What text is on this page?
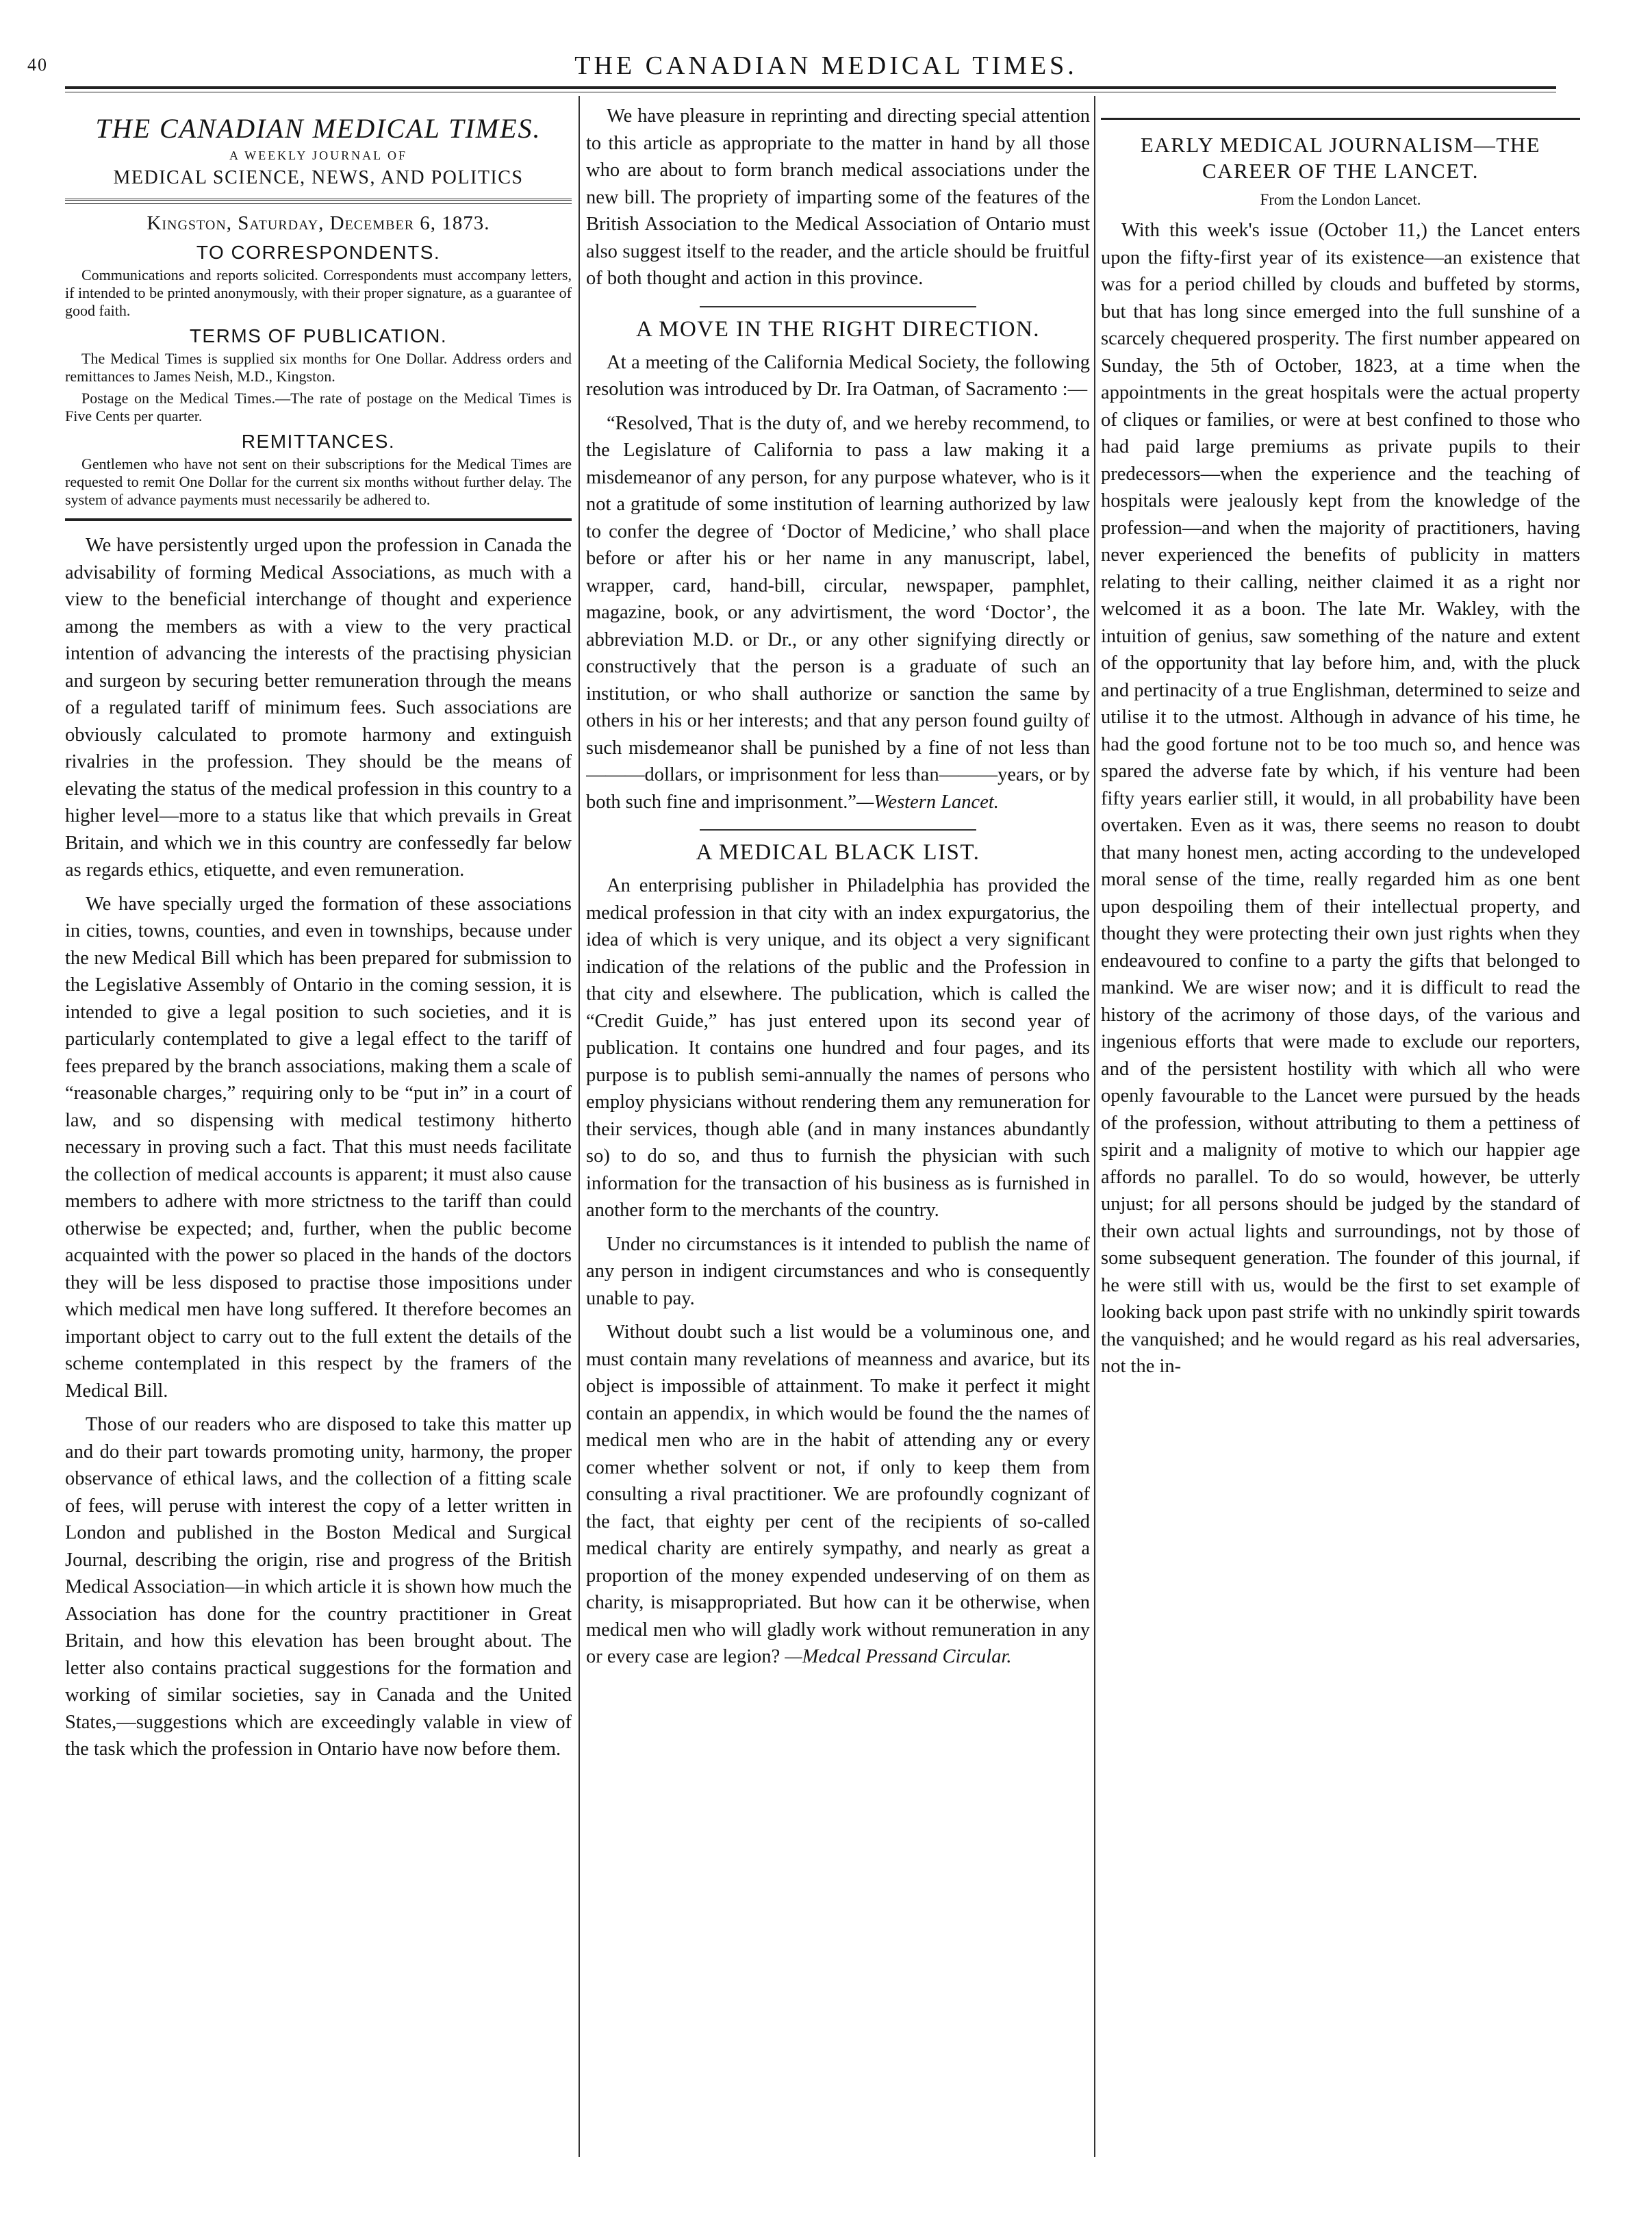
40	THE CANADIAN MEDICAL TIMES.
THE CANADIAN MEDICAL TIMES.
A WEEKLY JOURNAL OF
MEDICAL SCIENCE, NEWS, AND POLITICS
Kingston, Saturday, December 6, 1873.
TO CORRESPONDENTS.

Communications and reports solicited. Correspondents must accompany letters, if intended to be printed anonymously, with their proper signature, as a guarantee of good faith.

TERMS OF PUBLICATION.

The Medical Times is supplied six months for One Dollar. Address orders and remittances to James Neish, M.D., Kingston.

Postage on the Medical Times.—The rate of postage on the Medical Times is Five Cents per quarter.

REMITTANCES.

Gentlemen who have not sent on their subscriptions for the Medical Times are requested to remit One Dollar for the current six months without further delay. The system of advance payments must necessarily be adhered to.

We have persistently urged upon the profession in Canada the advisability of forming Medical Associations, as much with a view to the beneficial interchange of thought and experience among the members as with a view to the very practical intention of advancing the interests of the practising physician and surgeon by securing better remuneration through the means of a regulated tariff of minimum fees. Such associations are obviously calculated to promote harmony and extinguish rivalries in the profession. They should be the means of elevating the status of the medical profession in this country to a higher level—more to a status like that which prevails in Great Britain, and which we in this country are confessedly far below as regards ethics, etiquette, and even remuneration.

We have specially urged the formation of these associations in cities, towns, counties, and even in townships, because under the new Medical Bill which has been prepared for submission to the Legislative Assembly of Ontario in the coming session, it is intended to give a legal position to such societies, and it is particularly contemplated to give a legal effect to the tariff of fees prepared by the branch associations, making them a scale of “reasonable charges,” requiring only to be “put in” in a court of law, and so dispensing with medical testimony hitherto necessary in proving such a fact. That this must needs facilitate the collection of medical accounts is apparent; it must also cause members to adhere with more strictness to the tariff than could otherwise be expected; and, further, when the public become acquainted with the power so placed in the hands of the doctors they will be less disposed to practise those impositions under which medical men have long suffered. It therefore becomes an important object to carry out to the full extent the details of the scheme contemplated in this respect by the framers of the Medical Bill.

Those of our readers who are disposed to take this matter up and do their part towards promoting unity, harmony, the proper observance of ethical laws, and the collection of a fitting scale of fees, will peruse with interest the copy of a letter written in London and published in the Boston Medical and Surgical Journal, describing the origin, rise and progress of the British Medical Association—in which article it is shown how much the Association has done for the country practitioner in Great Britain, and how this elevation has been brought about. The letter also contains practical suggestions for the formation and working of similar societies, say in Canada and the United States,—suggestions which are exceedingly valable in view of the task which the profession in Ontario have now before them.

We have pleasure in reprinting and directing special attention to this article as appropriate to the matter in hand by all those who are about to form branch medical associations under the new bill. The propriety of imparting some of the features of the British Association to the Medical Association of Ontario must also suggest itself to the reader, and the article should be fruitful of both thought and action in this province.

A MOVE IN THE RIGHT DIRECTION.

At a meeting of the California Medical Society, the following resolution was introduced by Dr. Ira Oatman, of Sacramento :—

“Resolved, That is the duty of, and we hereby recommend, to the Legislature of California to pass a law making it a misdemeanor of any person, for any purpose whatever, who is it not a gratitude of some institution of learning authorized by law to confer the degree of ‘Doctor of Medicine,’ who shall place before or after his or her name in any manuscript, label, wrapper, card, hand-bill, circular, newspaper, pamphlet, magazine, book, or any advirtisment, the word ‘Doctor’, the abbreviation M.D. or Dr., or any other signifying directly or constructively that the person is a graduate of such an institution, or who shall authorize or sanction the same by others in his or her interests; and that any person found guilty of such misdemeanor shall be punished by a fine of not less than———dollars, or imprisonment for less than———years, or by both such fine and imprisonment.”—Western Lancet.

A MEDICAL BLACK LIST.

An enterprising publisher in Philadelphia has provided the medical profession in that city with an index expurgatorius, the idea of which is very unique, and its object a very significant indication of the relations of the public and the Profession in that city and elsewhere. The publication, which is called the “Credit Guide,” has just entered upon its second year of publication. It contains one hundred and four pages, and its purpose is to publish semi-annually the names of persons who employ physicians without rendering them any remuneration for their services, though able (and in many instances abundantly so) to do so, and thus to furnish the physician with such information for the transaction of his business as is furnished in another form to the merchants of the country.

Under no circumstances is it intended to publish the name of any person in indigent circumstances and who is consequently unable to pay.

Without doubt such a list would be a voluminous one, and must contain many revelations of meanness and avarice, but its object is impossible of attainment. To make it perfect it might contain an appendix, in which would be found the the names of medical men who are in the habit of attending any or every comer whether solvent or not, if only to keep them from consulting a rival practitioner. We are profoundly cognizant of the fact, that eighty per cent of the recipients of so-called medical charity are entirely sympathy, and nearly as great a proportion of the money expended undeserving of on them as charity, is misappropriated. But how can it be otherwise, when medical men who will gladly work without remuneration in any or every case are legion? —Medcal Pressand Circular.

EARLY MEDICAL JOURNALISM—THE CAREER OF THE LANCET.
From the London Lancet.

With this week's issue (October 11,) the Lancet enters upon the fifty-first year of its existence—an existence that was for a period chilled by clouds and buffeted by storms, but that has long since emerged into the full sunshine of a scarcely chequered prosperity. The first number appeared on Sunday, the 5th of October, 1823, at a time when the appointments in the great hospitals were the actual property of cliques or families, or were at best confined to those who had paid large premiums as private pupils to their predecessors—when the experience and the teaching of hospitals were jealously kept from the knowledge of the profession—and when the majority of practitioners, having never experienced the benefits of publicity in matters relating to their calling, neither claimed it as a right nor welcomed it as a boon. The late Mr. Wakley, with the intuition of genius, saw something of the nature and extent of the opportunity that lay before him, and, with the pluck and pertinacity of a true Englishman, determined to seize and utilise it to the utmost. Although in advance of his time, he had the good fortune not to be too much so, and hence was spared the adverse fate by which, if his venture had been fifty years earlier still, it would, in all probability have been overtaken. Even as it was, there seems no reason to doubt that many honest men, acting according to the undeveloped moral sense of the time, really regarded him as one bent upon despoiling them of their intellectual property, and thought they were protecting their own just rights when they endeavoured to confine to a party the gifts that belonged to mankind. We are wiser now; and it is difficult to read the history of the acrimony of those days, of the various and ingenious efforts that were made to exclude our reporters, and of the persistent hostility with which all who were openly favourable to the Lancet were pursued by the heads of the profession, without attributing to them a pettiness of spirit and a malignity of motive to which our happier age affords no parallel. To do so would, however, be utterly unjust; for all persons should be judged by the standard of their own actual lights and surroundings, not by those of some subsequent generation. The founder of this journal, if he were still with us, would be the first to set example of looking back upon past strife with no unkindly spirit towards the vanquished; and he would regard as his real adversaries, not the in-
